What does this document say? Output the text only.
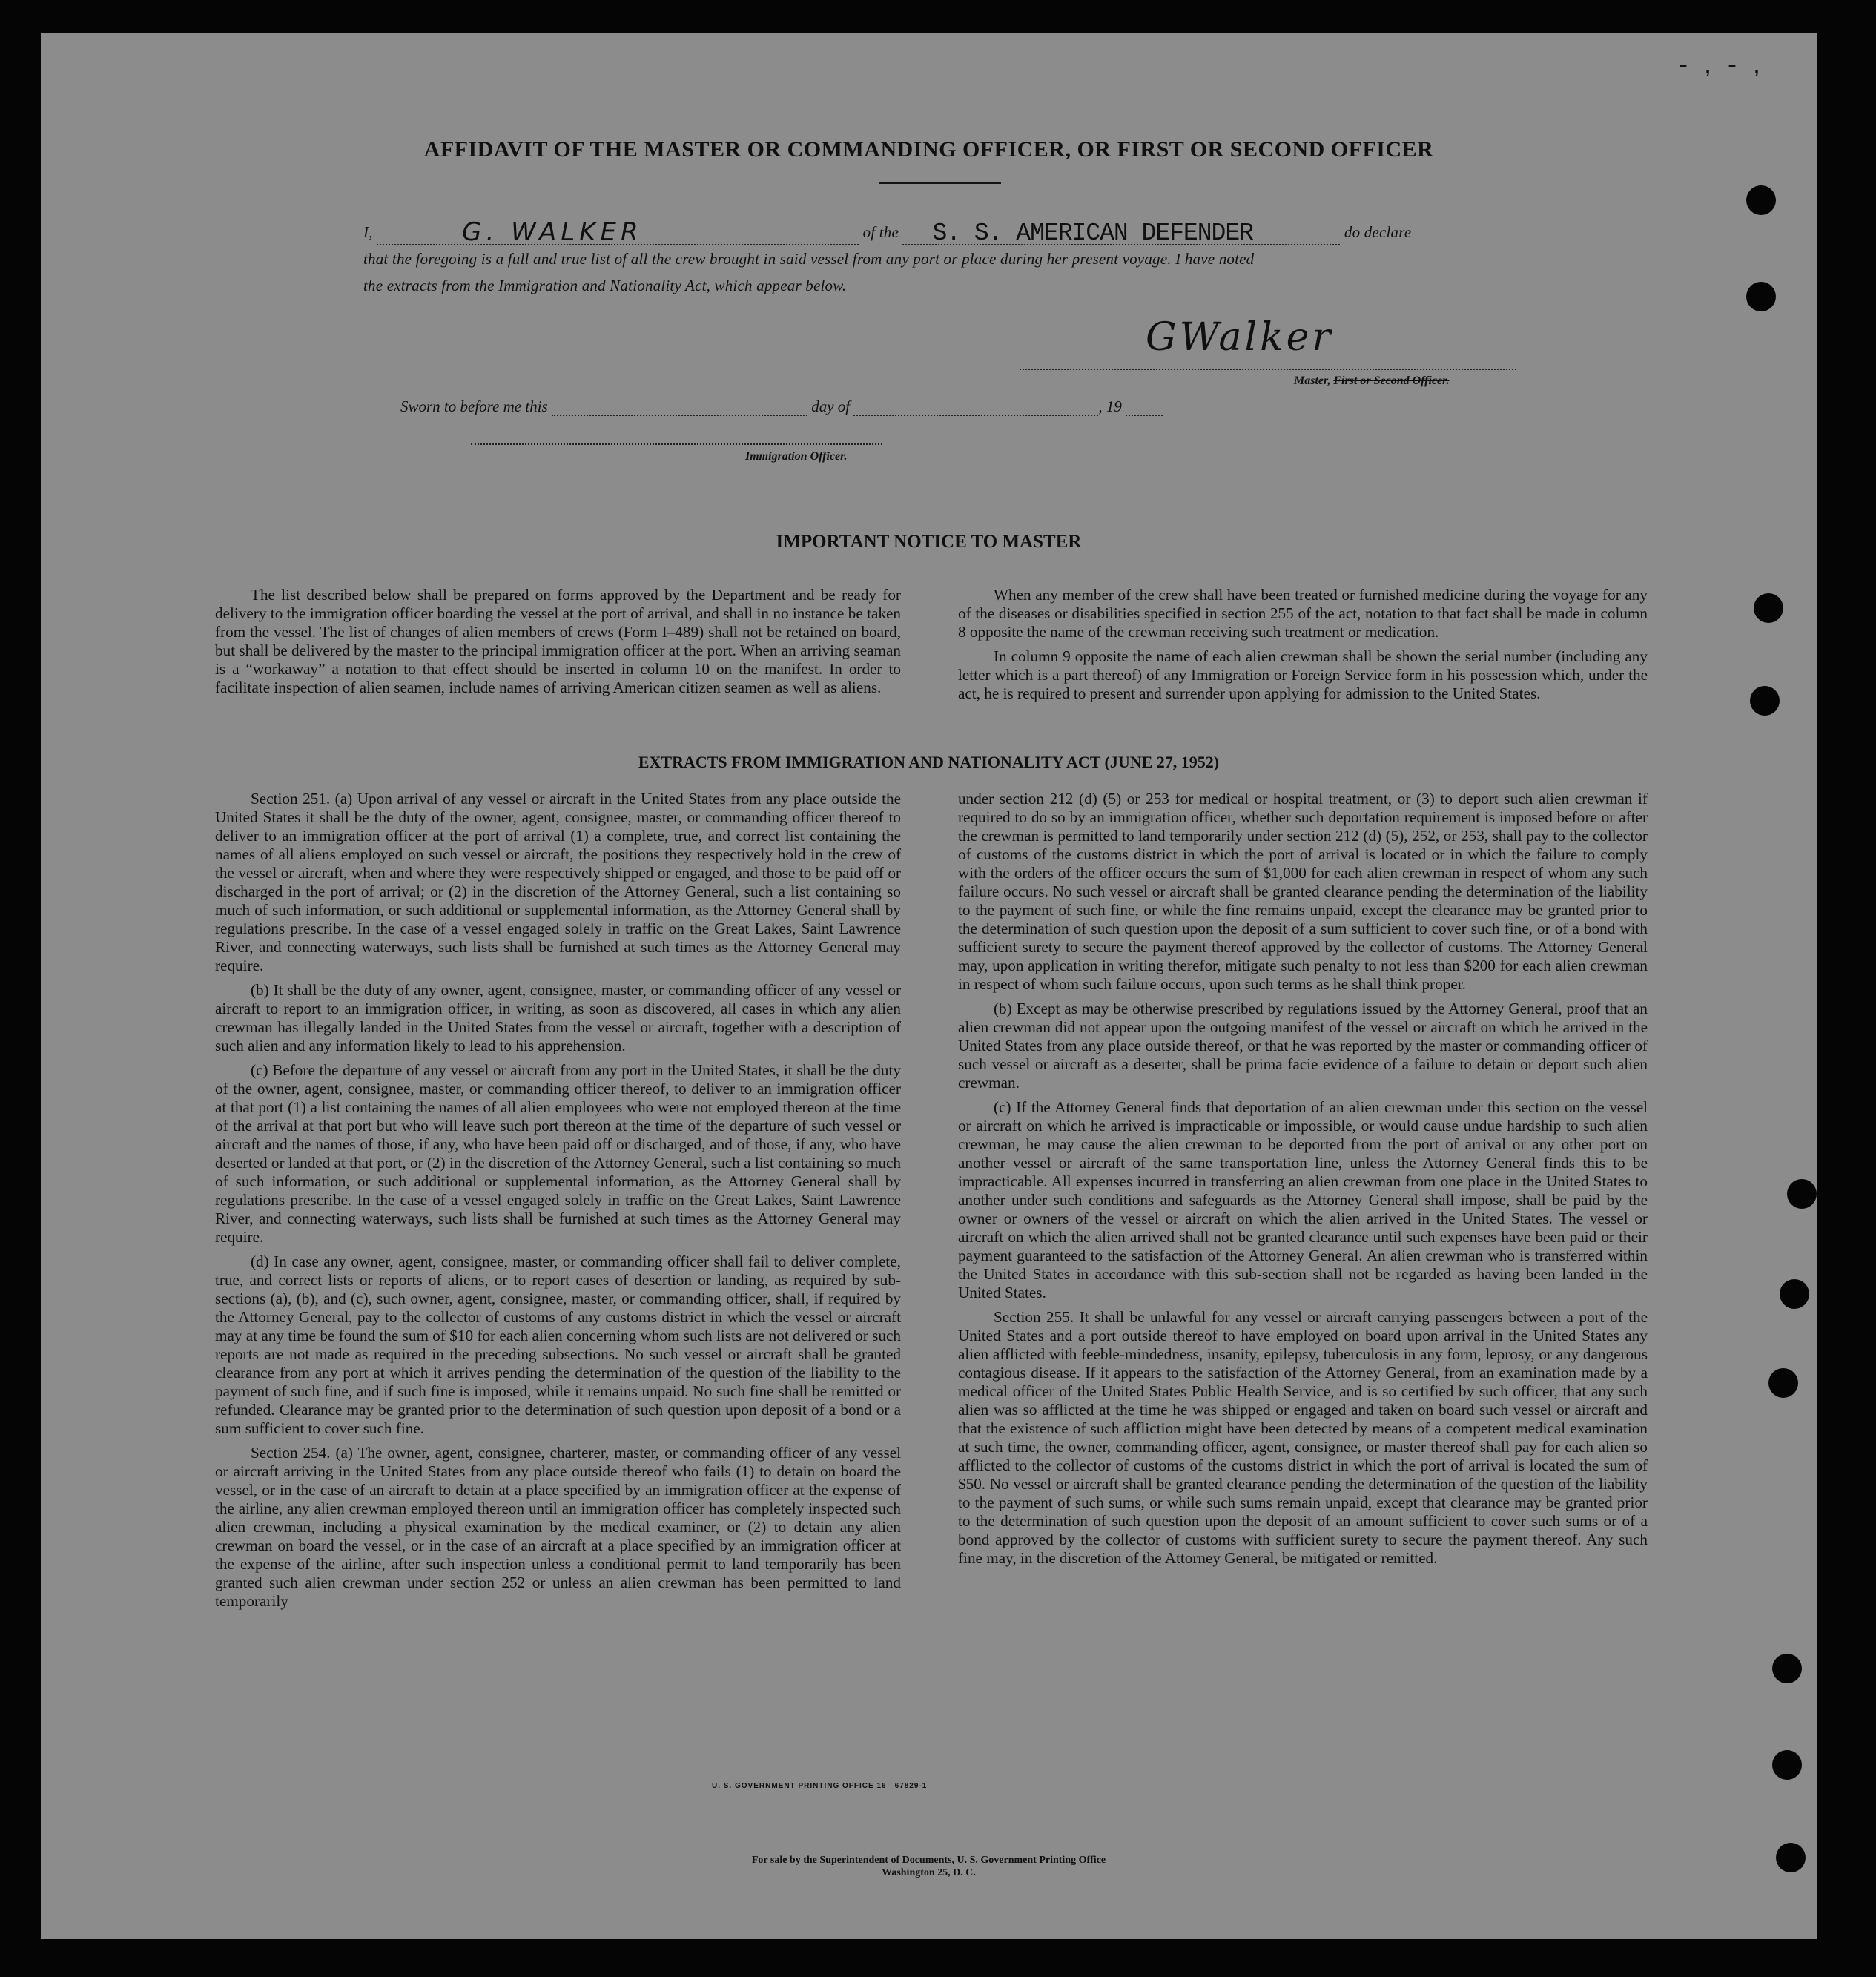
- , - ,
AFFIDAVIT OF THE MASTER OR COMMANDING OFFICER, OR FIRST OR SECOND OFFICER
I,	G. WALKER	of the S. S. AMERICAN DEFENDER	do declare
that the foregoing is a full and true list of all the crew brought in said vessel from any port or place during her present voyage. I have noted
the extracts from the Immigration and Nationality Act, which appear below.
GWalker
Master, First or Second Officer.
Sworn to before me this	day of	, 19
Immigration Officer.
IMPORTANT NOTICE TO MASTER

The list described below shall be prepared on forms approved by the Department and be ready for delivery to the immigration officer boarding the vessel at the port of arrival, and shall in no instance be taken from the vessel. The list of changes of alien members of crews (Form I–489) shall not be retained on board, but shall be delivered by the master to the principal immigration officer at the port. When an arriving seaman is a “workaway” a notation to that effect should be inserted in column 10 on the manifest. In order to facilitate inspection of alien seamen, include names of arriving American citizen seamen as well as aliens.

When any member of the crew shall have been treated or furnished medicine during the voyage for any of the diseases or disabilities specified in section 255 of the act, notation to that fact shall be made in column 8 opposite the name of the crewman receiving such treatment or medication.

In column 9 opposite the name of each alien crewman shall be shown the serial number (including any letter which is a part thereof) of any Immigration or Foreign Service form in his possession which, under the act, he is required to present and surrender upon applying for admission to the United States.

EXTRACTS FROM IMMIGRATION AND NATIONALITY ACT (JUNE 27, 1952)

Section 251. (a) Upon arrival of any vessel or aircraft in the United States from any place outside the United States it shall be the duty of the owner, agent, consignee, master, or commanding officer thereof to deliver to an immigration officer at the port of arrival (1) a complete, true, and correct list containing the names of all aliens employed on such vessel or aircraft, the positions they respectively hold in the crew of the vessel or aircraft, when and where they were respectively shipped or engaged, and those to be paid off or discharged in the port of arrival; or (2) in the discretion of the Attorney General, such a list containing so much of such information, or such additional or supplemental information, as the Attorney General shall by regulations prescribe. In the case of a vessel engaged solely in traffic on the Great Lakes, Saint Lawrence River, and connecting waterways, such lists shall be furnished at such times as the Attorney General may require.

(b) It shall be the duty of any owner, agent, consignee, master, or commanding officer of any vessel or aircraft to report to an immigration officer, in writing, as soon as discovered, all cases in which any alien crewman has illegally landed in the United States from the vessel or aircraft, together with a description of such alien and any information likely to lead to his apprehension.

(c) Before the departure of any vessel or aircraft from any port in the United States, it shall be the duty of the owner, agent, consignee, master, or commanding officer thereof, to deliver to an immigration officer at that port (1) a list containing the names of all alien employees who were not employed thereon at the time of the arrival at that port but who will leave such port thereon at the time of the departure of such vessel or aircraft and the names of those, if any, who have been paid off or discharged, and of those, if any, who have deserted or landed at that port, or (2) in the discretion of the Attorney General, such a list containing so much of such information, or such additional or supplemental information, as the Attorney General shall by regulations prescribe. In the case of a vessel engaged solely in traffic on the Great Lakes, Saint Lawrence River, and connecting waterways, such lists shall be furnished at such times as the Attorney General may require.

(d) In case any owner, agent, consignee, master, or commanding officer shall fail to deliver complete, true, and correct lists or reports of aliens, or to report cases of desertion or landing, as required by sub-sections (a), (b), and (c), such owner, agent, consignee, master, or commanding officer, shall, if required by the Attorney General, pay to the collector of customs of any customs district in which the vessel or aircraft may at any time be found the sum of $10 for each alien concerning whom such lists are not delivered or such reports are not made as required in the preceding subsections. No such vessel or aircraft shall be granted clearance from any port at which it arrives pending the determination of the question of the liability to the payment of such fine, and if such fine is imposed, while it remains unpaid. No such fine shall be remitted or refunded. Clearance may be granted prior to the determination of such question upon deposit of a bond or a sum sufficient to cover such fine.

Section 254. (a) The owner, agent, consignee, charterer, master, or commanding officer of any vessel or aircraft arriving in the United States from any place outside thereof who fails (1) to detain on board the vessel, or in the case of an aircraft to detain at a place specified by an immigration officer at the expense of the airline, any alien crewman employed thereon until an immigration officer has completely inspected such alien crewman, including a physical examination by the medical examiner, or (2) to detain any alien crewman on board the vessel, or in the case of an aircraft at a place specified by an immigration officer at the expense of the airline, after such inspection unless a conditional permit to land temporarily has been granted such alien crewman under section 252 or unless an alien crewman has been permitted to land temporarily

under section 212 (d) (5) or 253 for medical or hospital treatment, or (3) to deport such alien crewman if required to do so by an immigration officer, whether such deportation requirement is imposed before or after the crewman is permitted to land temporarily under section 212 (d) (5), 252, or 253, shall pay to the collector of customs of the customs district in which the port of arrival is located or in which the failure to comply with the orders of the officer occurs the sum of $1,000 for each alien crewman in respect of whom any such failure occurs. No such vessel or aircraft shall be granted clearance pending the determination of the liability to the payment of such fine, or while the fine remains unpaid, except the clearance may be granted prior to the determination of such question upon the deposit of a sum sufficient to cover such fine, or of a bond with sufficient surety to secure the payment thereof approved by the collector of customs. The Attorney General may, upon application in writing therefor, mitigate such penalty to not less than $200 for each alien crewman in respect of whom such failure occurs, upon such terms as he shall think proper.

(b) Except as may be otherwise prescribed by regulations issued by the Attorney General, proof that an alien crewman did not appear upon the outgoing manifest of the vessel or aircraft on which he arrived in the United States from any place outside thereof, or that he was reported by the master or commanding officer of such vessel or aircraft as a deserter, shall be prima facie evidence of a failure to detain or deport such alien crewman.

(c) If the Attorney General finds that deportation of an alien crewman under this section on the vessel or aircraft on which he arrived is impracticable or impossible, or would cause undue hardship to such alien crewman, he may cause the alien crewman to be deported from the port of arrival or any other port on another vessel or aircraft of the same transportation line, unless the Attorney General finds this to be impracticable. All expenses incurred in transferring an alien crewman from one place in the United States to another under such conditions and safeguards as the Attorney General shall impose, shall be paid by the owner or owners of the vessel or aircraft on which the alien arrived in the United States. The vessel or aircraft on which the alien arrived shall not be granted clearance until such expenses have been paid or their payment guaranteed to the satisfaction of the Attorney General. An alien crewman who is transferred within the United States in accordance with this sub-section shall not be regarded as having been landed in the United States.

Section 255. It shall be unlawful for any vessel or aircraft carrying passengers between a port of the United States and a port outside thereof to have employed on board upon arrival in the United States any alien afflicted with feeble-mindedness, insanity, epilepsy, tuberculosis in any form, leprosy, or any dangerous contagious disease. If it appears to the satisfaction of the Attorney General, from an examination made by a medical officer of the United States Public Health Service, and is so certified by such officer, that any such alien was so afflicted at the time he was shipped or engaged and taken on board such vessel or aircraft and that the existence of such affliction might have been detected by means of a competent medical examination at such time, the owner, commanding officer, agent, consignee, or master thereof shall pay for each alien so afflicted to the collector of customs of the customs district in which the port of arrival is located the sum of $50. No vessel or aircraft shall be granted clearance pending the determination of the question of the liability to the payment of such sums, or while such sums remain unpaid, except that clearance may be granted prior to the determination of such question upon the deposit of an amount sufficient to cover such sums or of a bond approved by the collector of customs with sufficient surety to secure the payment thereof. Any such fine may, in the discretion of the Attorney General, be mitigated or remitted.

U. S. GOVERNMENT PRINTING OFFICE 16—67829-1
For sale by the Superintendent of Documents, U. S. Government Printing Office
Washington 25, D. C.
